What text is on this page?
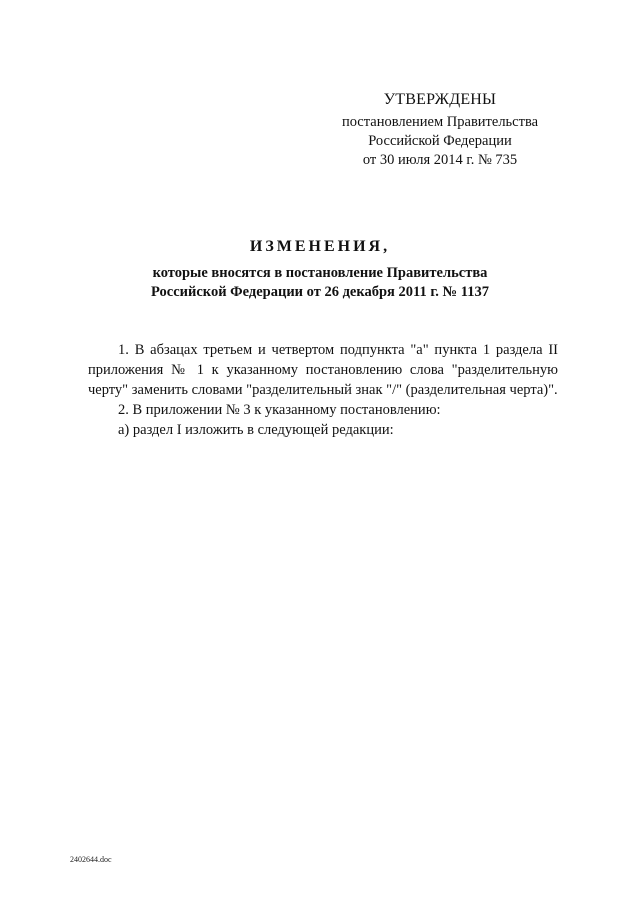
УТВЕРЖДЕНЫ
постановлением Правительства
Российской Федерации
от 30 июля 2014 г. № 735
ИЗМЕНЕНИЯ,
которые вносятся в постановление Правительства
Российской Федерации от 26 декабря 2011 г. № 1137

1. В абзацах третьем и четвертом подпункта "а" пункта 1 раздела II приложения № 1 к указанному постановлению слова "разделительную черту" заменить словами "разделительный знак "/" (разделительная черта)".

2. В приложении № 3 к указанному постановлению:

а) раздел I изложить в следующей редакции:

2402644.doc
